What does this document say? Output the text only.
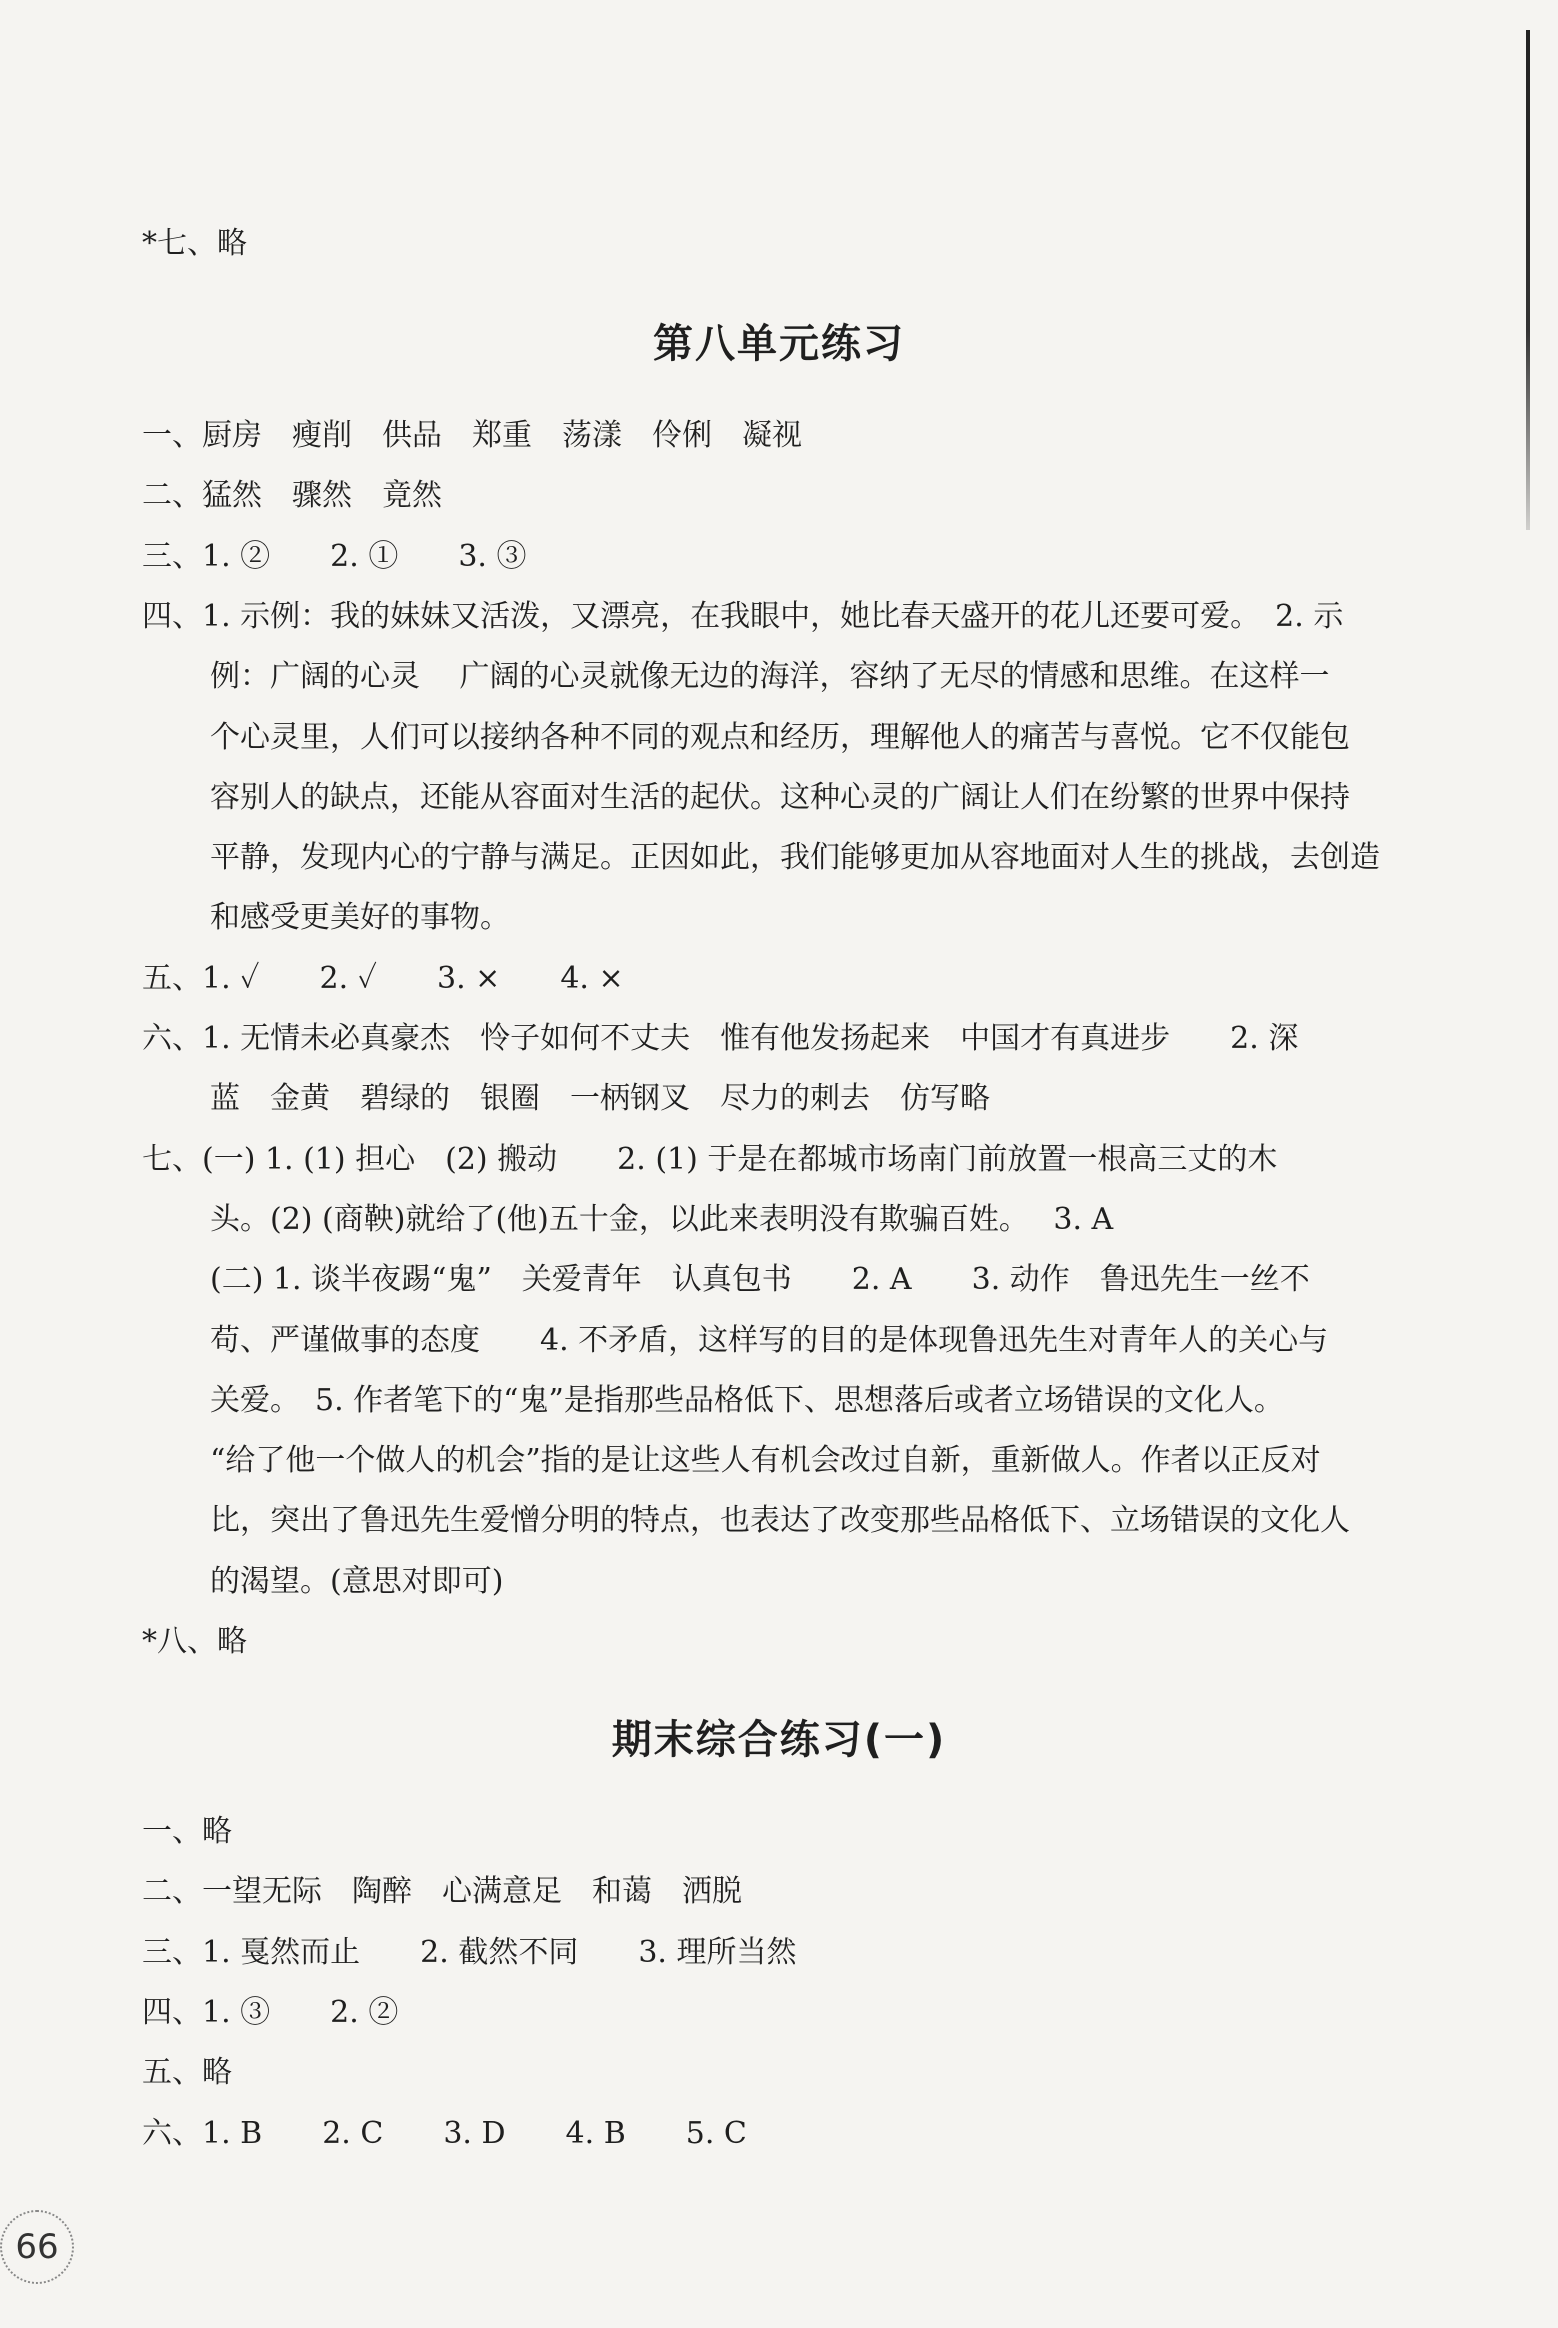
*七、略
第八单元练习
一、厨房　瘦削　供品　郑重　荡漾　伶俐　凝视
二、猛然　骤然　竟然
三、1. ②　　2. ①　　3. ③
四、1. 示例：我的妹妹又活泼，又漂亮，在我眼中，她比春天盛开的花儿还要可爱。　2. 示
例：广阔的心灵　 广阔的心灵就像无边的海洋，容纳了无尽的情感和思维。在这样一
个心灵里，人们可以接纳各种不同的观点和经历，理解他人的痛苦与喜悦。它不仅能包
容别人的缺点，还能从容面对生活的起伏。这种心灵的广阔让人们在纷繁的世界中保持
平静，发现内心的宁静与满足。正因如此，我们能够更加从容地面对人生的挑战，去创造
和感受更美好的事物。
五、1. ✓　　2. ✓　　3. ×　　4. ×
六、1. 无情未必真豪杰　怜子如何不丈夫　惟有他发扬起来　中国才有真进步　　2. 深
蓝　金黄　碧绿的　银圈　一柄钢叉　尽力的刺去　仿写略
七、(一) 1. (1) 担心　(2) 搬动　　2. (1) 于是在都城市场南门前放置一根高三丈的木
头。(2) (商鞅)就给了(他)五十金，以此来表明没有欺骗百姓。　 3. A
(二) 1. 谈半夜踢“鬼”　关爱青年　认真包书　　2. A　　3. 动作　鲁迅先生一丝不
苟、严谨做事的态度　　4. 不矛盾，这样写的目的是体现鲁迅先生对青年人的关心与
关爱。　5. 作者笔下的“鬼”是指那些品格低下、思想落后或者立场错误的文化人。
“给了他一个做人的机会”指的是让这些人有机会改过自新，重新做人。作者以正反对
比，突出了鲁迅先生爱憎分明的特点，也表达了改变那些品格低下、立场错误的文化人
的渴望。(意思对即可)
*八、略
期末综合练习(一)
一、略
二、一望无际　陶醉　心满意足　和蔼　洒脱
三、1. 戛然而止　　2. 截然不同　　3. 理所当然
四、1. ③　　2. ②
五、略
六、1. B　　2. C　　3. D　　4. B　　5. C
66
